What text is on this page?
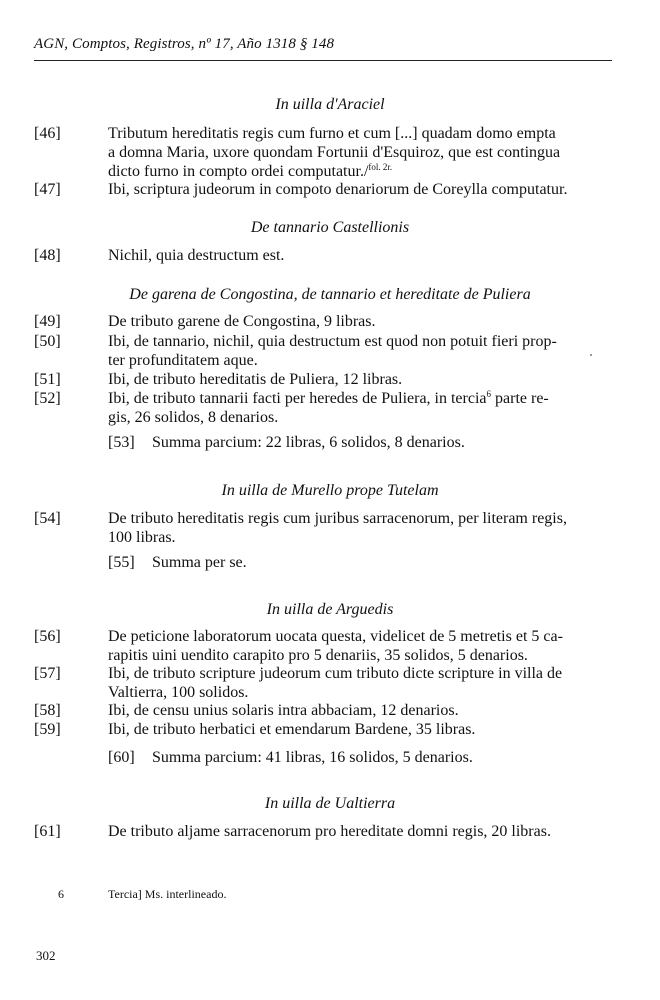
AGN, Comptos, Registros, nº 17, Año 1318 § 148
In uilla d'Araciel
[46]	Tributum hereditatis regis cum furno et cum [...] quadam domo empta
a domna Maria, uxore quondam Fortunii d'Esquiroz, que est contingua
dicto furno in compto ordei computatur./$^{fol. 2r.}$
[47]	Ibi, scriptura judeorum in compoto denariorum de Coreylla computatur.
De tannario Castellionis
[48]	Nichil, quia destructum est.
De garena de Congostina, de tannario et hereditate de Puliera
[49]	De tributo garene de Congostina, 9 libras.
[50]	Ibi, de tannario, nichil, quia destructum est quod non potuit fieri prop-
ter profunditatem aque.
[51]	Ibi, de tributo hereditatis de Puliera, 12 libras.
[52]	Ibi, de tributo tannarii facti per heredes de Puliera, in tercia$^6$ parte re-
gis, 26 solidos, 8 denarios.
[53] Summa parcium: 22 libras, 6 solidos, 8 denarios.
In uilla de Murello prope Tutelam
[54]	De tributo hereditatis regis cum juribus sarracenorum, per literam regis,
100 libras.
[55] Summa per se.
In uilla de Arguedis
[56]	De peticione laboratorum uocata questa, videlicet de 5 metretis et 5 ca-
rapitis uini uendito carapito pro 5 denariis, 35 solidos, 5 denarios.
[57]	Ibi, de tributo scripture judeorum cum tributo dicte scripture in villa de
Valtierra, 100 solidos.
[58]	Ibi, de censu unius solaris intra abbaciam, 12 denarios.
[59]	Ibi, de tributo herbatici et emendarum Bardene, 35 libras.
[60] Summa parcium: 41 libras, 16 solidos, 5 denarios.
In uilla de Ualtierra
[61]	De tributo aljame sarracenorum pro hereditate domni regis, 20 libras.
6	Tercia] Ms. interlineado.
302
